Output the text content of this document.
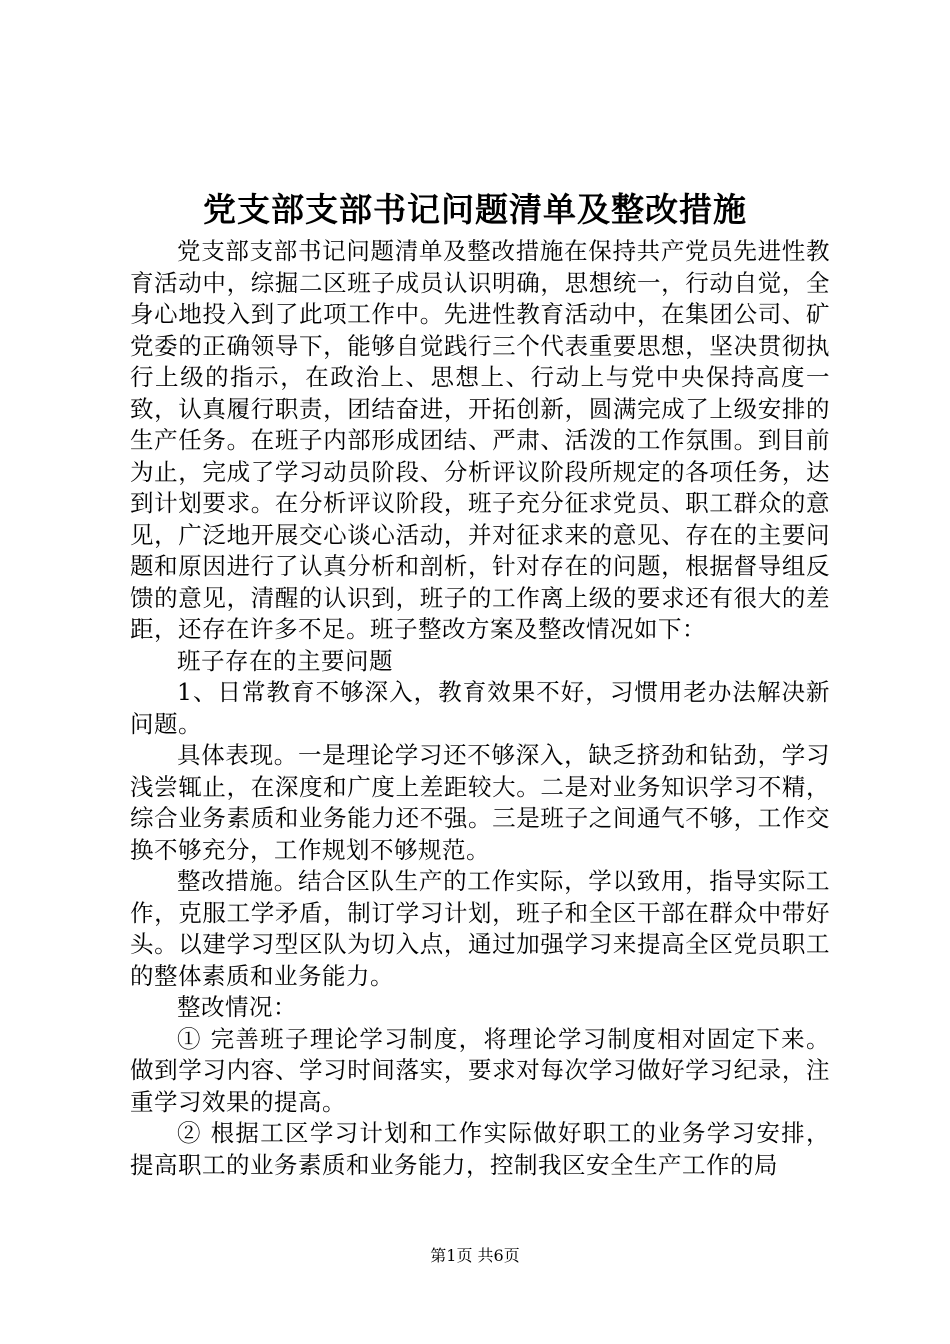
党支部支部书记问题清单及整改措施

党支部支部书记问题清单及整改措施在保持共产党员先进性教育活动中，综掘二区班子成员认识明确，思想统一，行动自觉，全身心地投入到了此项工作中。先进性教育活动中，在集团公司、矿党委的正确领导下，能够自觉践行三个代表重要思想，坚决贯彻执行上级的指示，在政治上、思想上、行动上与党中央保持高度一致，认真履行职责，团结奋进，开拓创新，圆满完成了上级安排的生产任务。在班子内部形成团结、严肃、活泼的工作氛围。到目前为止，完成了学习动员阶段、分析评议阶段所规定的各项任务，达到计划要求。在分析评议阶段，班子充分征求党员、职工群众的意见，广泛地开展交心谈心活动，并对征求来的意见、存在的主要问题和原因进行了认真分析和剖析，针对存在的问题，根据督导组反馈的意见，清醒的认识到，班子的工作离上级的要求还有很大的差距，还存在许多不足。班子整改方案及整改情况如下：

班子存在的主要问题

1、日常教育不够深入，教育效果不好，习惯用老办法解决新问题。

具体表现。一是理论学习还不够深入，缺乏挤劲和钻劲，学习浅尝辄止，在深度和广度上差距较大。二是对业务知识学习不精，综合业务素质和业务能力还不强。三是班子之间通气不够，工作交换不够充分，工作规划不够规范。

整改措施。结合区队生产的工作实际，学以致用，指导实际工作，克服工学矛盾，制订学习计划，班子和全区干部在群众中带好头。以建学习型区队为切入点，通过加强学习来提高全区党员职工的整体素质和业务能力。

整改情况：

① 完善班子理论学习制度，将理论学习制度相对固定下来。做到学习内容、学习时间落实，要求对每次学习做好学习纪录，注重学习效果的提高。

② 根据工区学习计划和工作实际做好职工的业务学习安排，提高职工的业务素质和业务能力，控制我区安全生产工作的局

第1页 共6页
